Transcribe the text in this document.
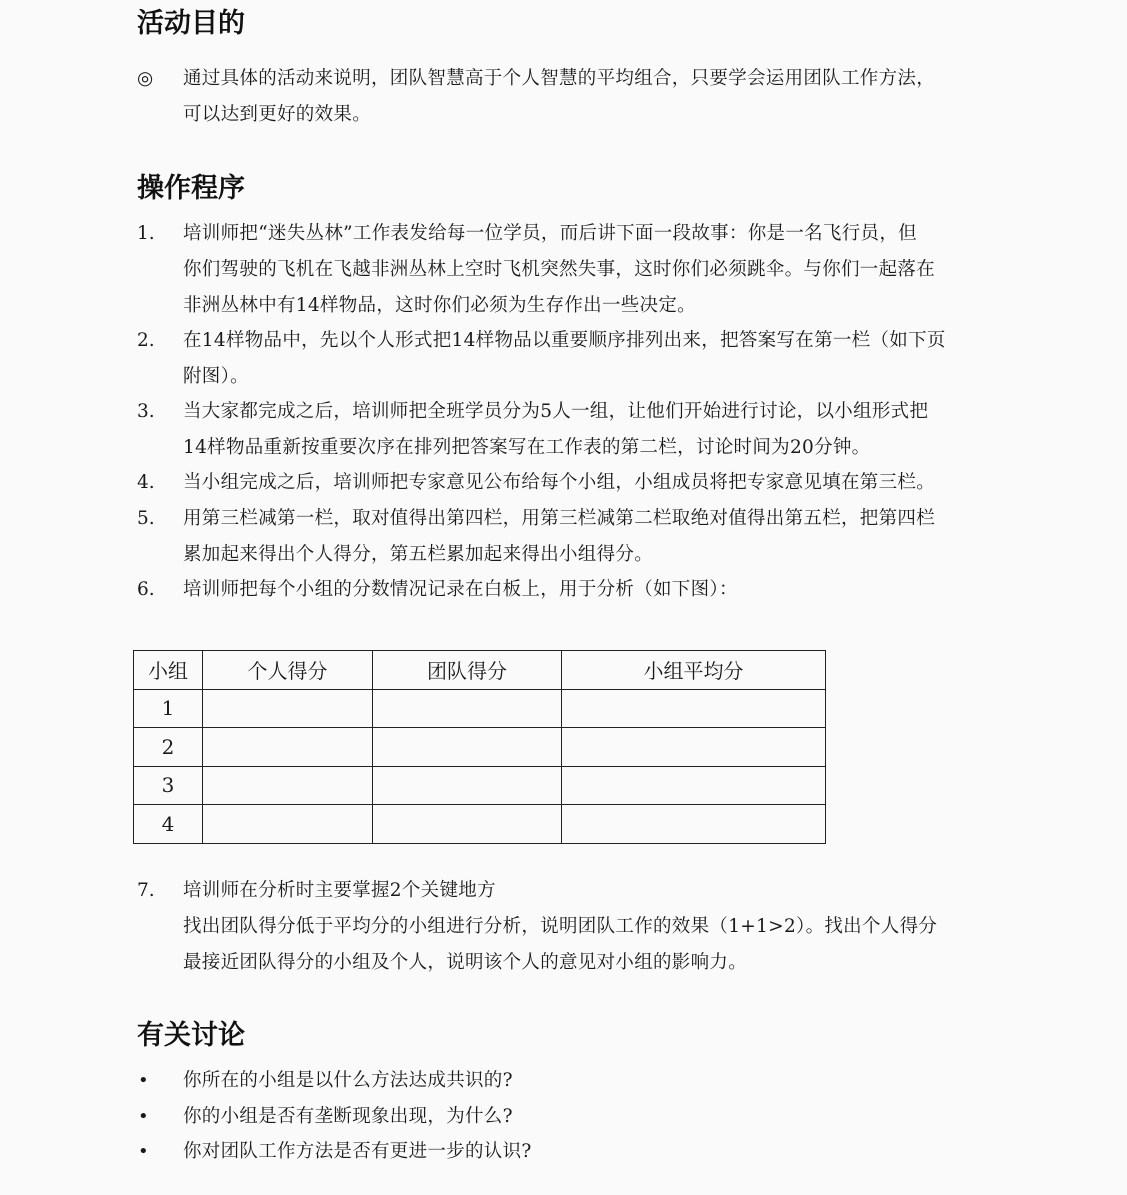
活动目的
◎ 通过具体的活动来说明，团队智慧高于个人智慧的平均组合，只要学会运用团队工作方法，
可以达到更好的效果。
操作程序
1. 培训师把“迷失丛林”工作表发给每一位学员，而后讲下面一段故事：你是一名飞行员，但
你们驾驶的飞机在飞越非洲丛林上空时飞机突然失事，这时你们必须跳伞。与你们一起落在
非洲丛林中有14样物品，这时你们必须为生存作出一些决定。
2. 在14样物品中，先以个人形式把14样物品以重要顺序排列出来，把答案写在第一栏（如下页
附图）。
3. 当大家都完成之后，培训师把全班学员分为5人一组，让他们开始进行讨论，以小组形式把
14样物品重新按重要次序在排列把答案写在工作表的第二栏，讨论时间为20分钟。
4. 当小组完成之后，培训师把专家意见公布给每个小组，小组成员将把专家意见填在第三栏。
5. 用第三栏减第一栏，取对值得出第四栏，用第三栏减第二栏取绝对值得出第五栏，把第四栏
累加起来得出个人得分，第五栏累加起来得出小组得分。
6. 培训师把每个小组的分数情况记录在白板上，用于分析（如下图）：
小组	个人得分	团队得分	小组平均分
1			
2			
3			
4			
7. 培训师在分析时主要掌握2个关键地方
找出团队得分低于平均分的小组进行分析，说明团队工作的效果（1+1>2）。找出个人得分
最接近团队得分的小组及个人，说明该个人的意见对小组的影响力。
有关讨论
• 你所在的小组是以什么方法达成共识的?
• 你的小组是否有垄断现象出现，为什么?
• 你对团队工作方法是否有更进一步的认识?
